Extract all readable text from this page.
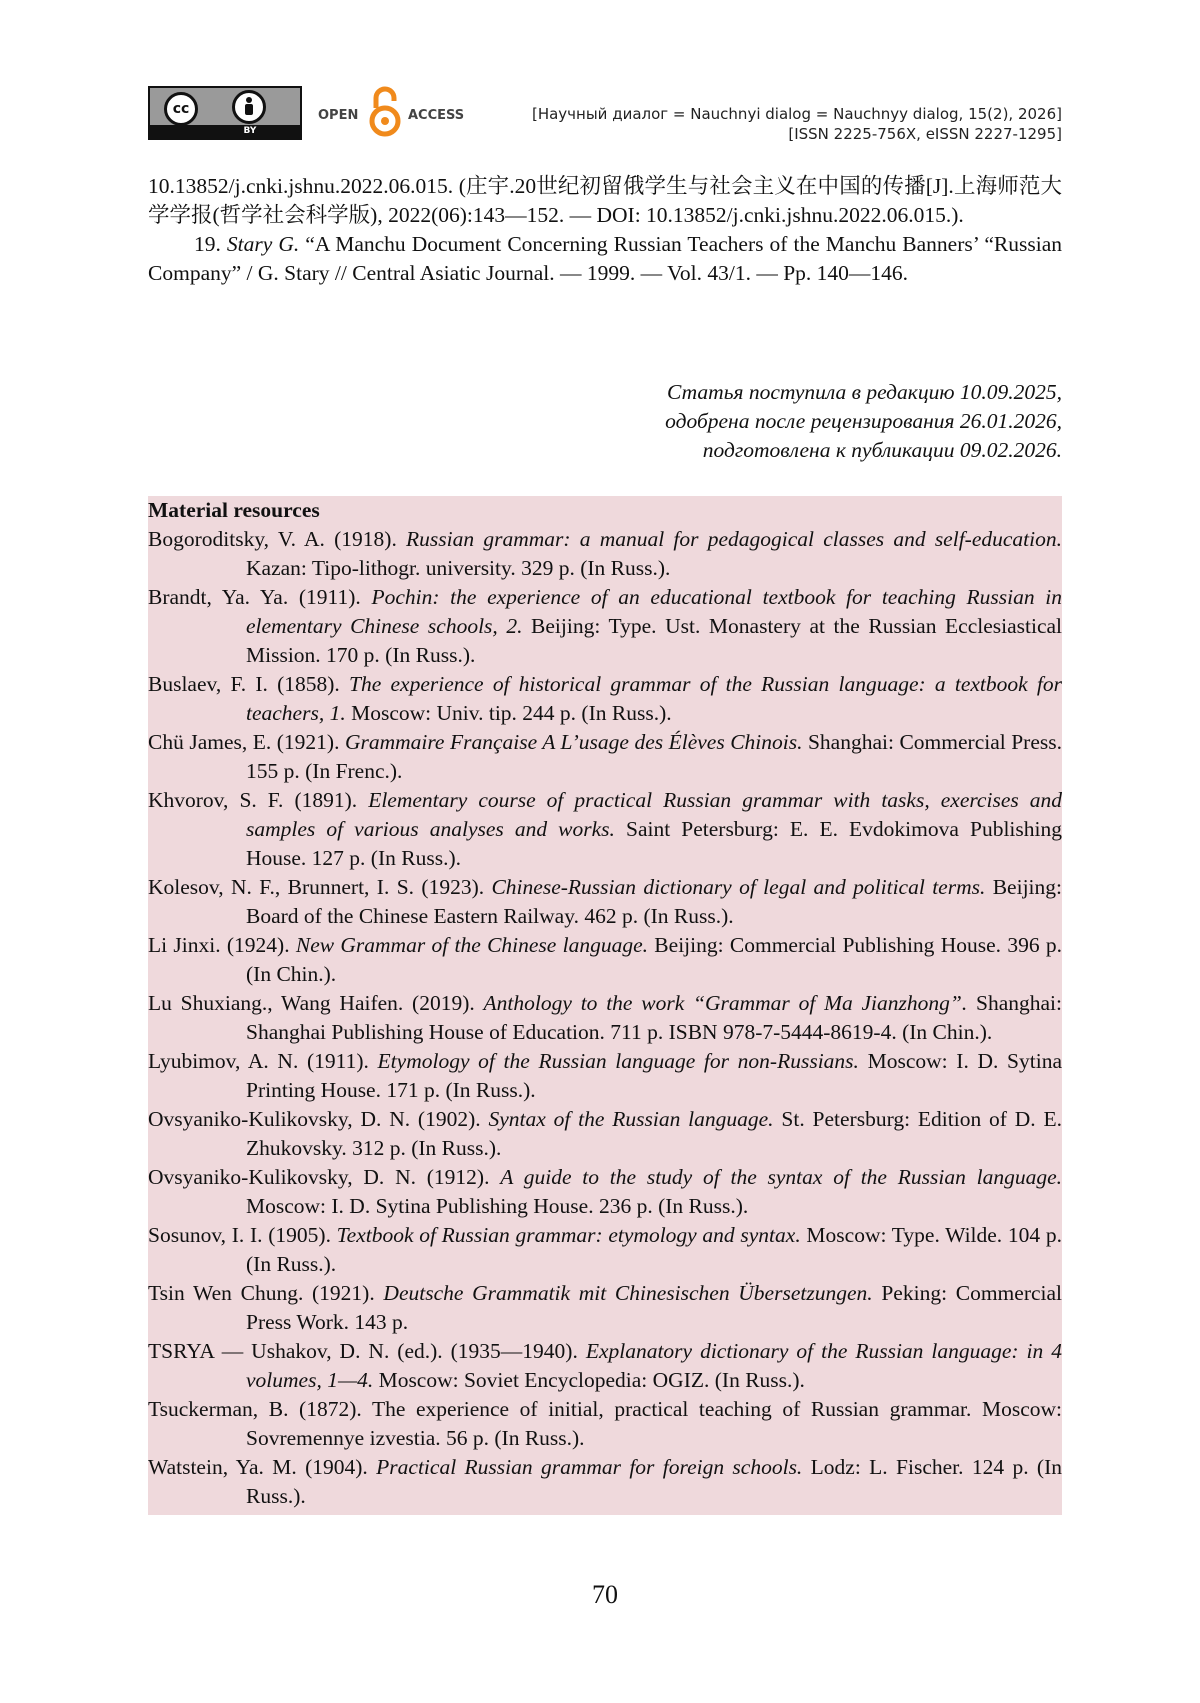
cc
BY
OPEN	ACCESS	[Научный диалог = Nauchnyi dialog = Nauchnyy dialog, 15(2), 2026]
[ISSN 2225-756X, eISSN 2227-1295]

10.13852/j.cnki.jshnu.2022.06.015. (庄宇.20世纪初留俄学生与社会主义在中国的传播[J].上海师范大学学报(哲学社会科学版), 2022(06):143—152. — DOI: 10.13852/j.cnki.jshnu.2022.06.015.).

19. Stary G. “A Manchu Document Concerning Russian Teachers of the Manchu Banners’ “Russian Company” / G. Stary // Central Asiatic Journal. — 1999. — Vol. 43/1. — Pp. 140—146.

Статья поступила в редакцию 10.09.2025,
одобрена после рецензирования 26.01.2026,
подготовлена к публикации 09.02.2026.
Material resources
Bogoroditsky, V. A. (1918). Russian grammar: a manual for pedagogical classes and self-education. Kazan: Tipo-lithogr. university. 329 p. (In Russ.).
Brandt, Ya. Ya. (1911). Pochin: the experience of an educational textbook for teaching Russian in elementary Chinese schools, 2. Beijing: Type. Ust. Monastery at the Russian Ecclesiastical Mission. 170 p. (In Russ.).
Buslaev, F. I. (1858). The experience of historical grammar of the Russian language: a textbook for teachers, 1. Moscow: Univ. tip. 244 p. (In Russ.).
Chü James, E. (1921). Grammaire Française A L’usage des Élèves Chinois. Shanghai: Commercial Press. 155 p. (In Frenc.).
Khvorov, S. F. (1891). Elementary course of practical Russian grammar with tasks, exercises and samples of various analyses and works. Saint Petersburg: E. E. Evdokimova Publishing House. 127 p. (In Russ.).
Kolesov, N. F., Brunnert, I. S. (1923). Chinese-Russian dictionary of legal and political terms. Beijing: Board of the Chinese Eastern Railway. 462 p. (In Russ.).
Li Jinxi. (1924). New Grammar of the Chinese language. Beijing: Commercial Publishing House. 396 p. (In Chin.).
Lu Shuxiang., Wang Haifen. (2019). Anthology to the work “Grammar of Ma Jianzhong”. Shanghai: Shanghai Publishing House of Education. 711 p. ISBN 978-7-5444-8619-4. (In Chin.).
Lyubimov, A. N. (1911). Etymology of the Russian language for non-Russians. Moscow: I. D. Sytina Printing House. 171 p. (In Russ.).
Ovsyaniko-Kulikovsky, D. N. (1902). Syntax of the Russian language. St. Petersburg: Edition of D. E. Zhukovsky. 312 p. (In Russ.).
Ovsyaniko-Kulikovsky, D. N. (1912). A guide to the study of the syntax of the Russian language. Moscow: I. D. Sytina Publishing House. 236 p. (In Russ.).
Sosunov, I. I. (1905). Textbook of Russian grammar: etymology and syntax. Moscow: Type. Wilde. 104 p. (In Russ.).
Tsin Wen Chung. (1921). Deutsche Grammatik mit Chinesischen Übersetzungen. Peking: Commercial Press Work. 143 p.
TSRYA — Ushakov, D. N. (ed.). (1935—1940). Explanatory dictionary of the Russian language: in 4 volumes, 1—4. Moscow: Soviet Encyclopedia: OGIZ. (In Russ.).
Tsuckerman, B. (1872). The experience of initial, practical teaching of Russian grammar. Moscow: Sovremennye izvestia. 56 p. (In Russ.).
Watstein, Ya. M. (1904). Practical Russian grammar for foreign schools. Lodz: L. Fischer. 124 p. (In Russ.).
70
